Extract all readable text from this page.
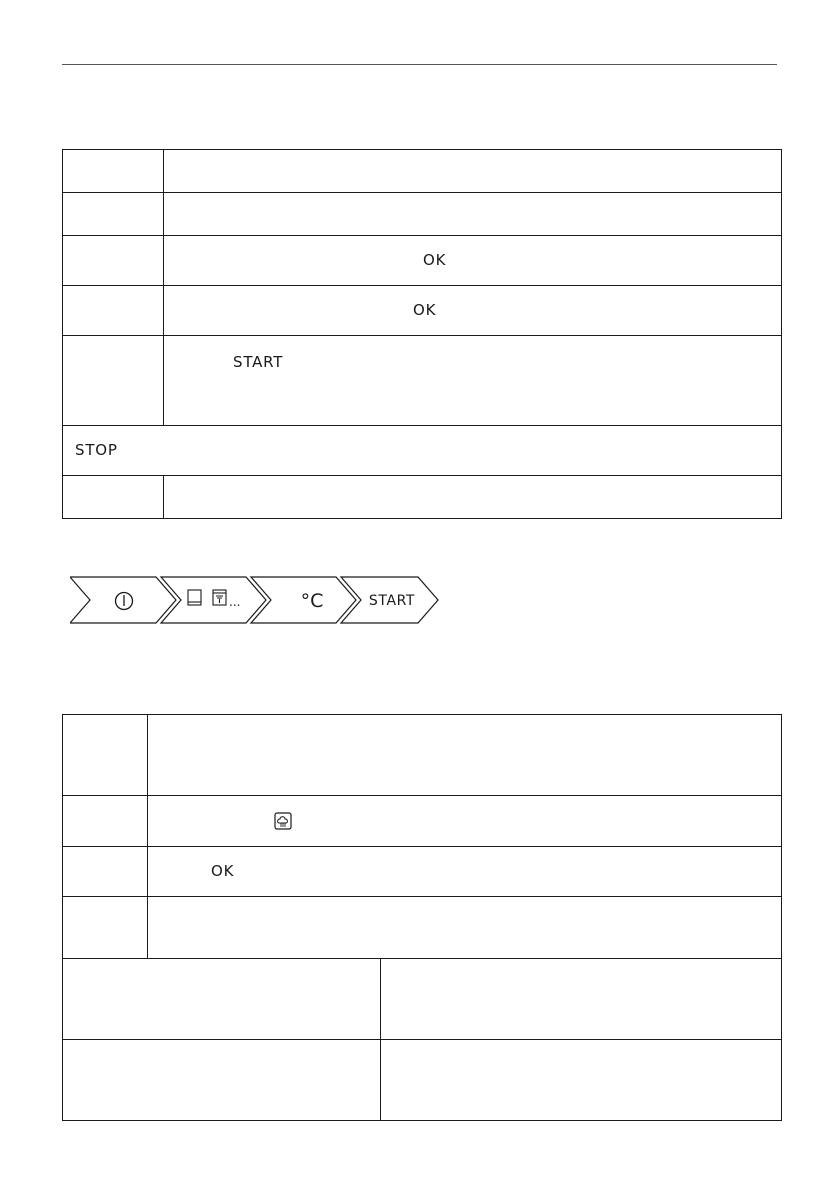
	OK
	OK
	START
STOP	

...	°C	START

	OK	
